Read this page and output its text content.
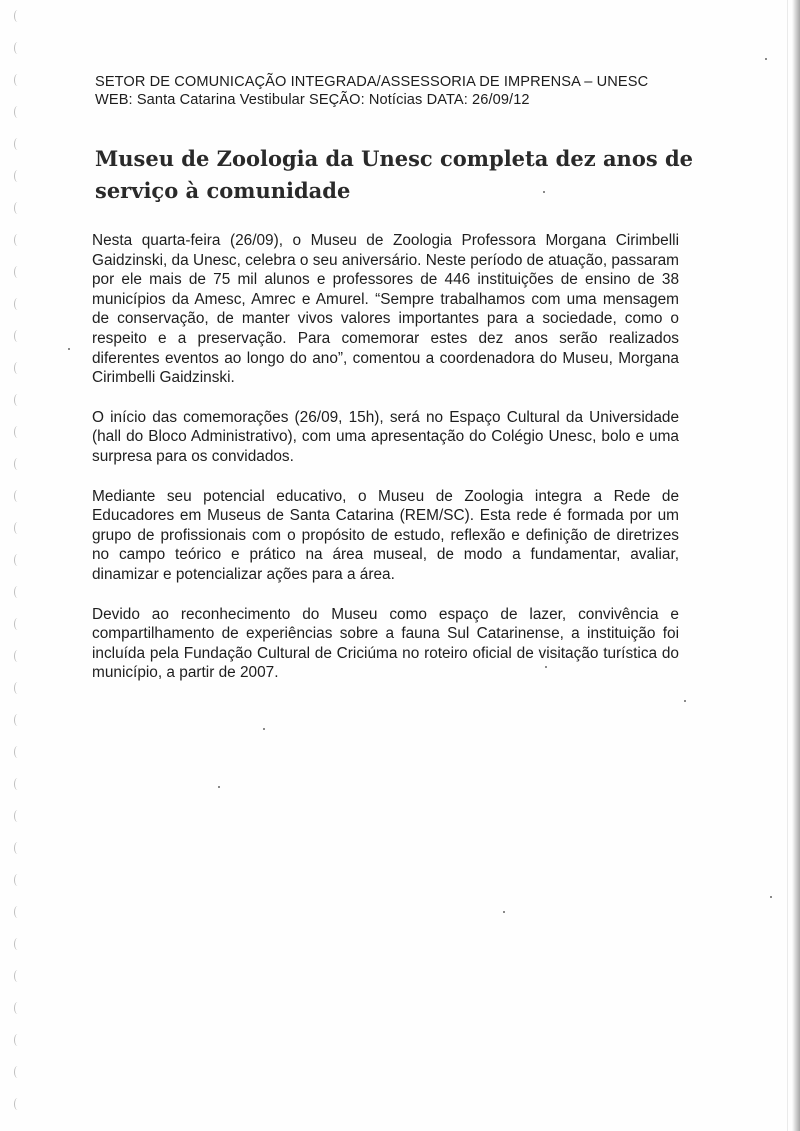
SETOR DE COMUNICAÇÃO INTEGRADA/ASSESSORIA DE IMPRENSA – UNESC
WEB: Santa Catarina Vestibular SEÇÃO: Notícias DATA: 26/09/12
Museu de Zoologia da Unesc completa dez anos de serviço à comunidade

Nesta quarta-feira (26/09), o Museu de Zoologia Professora Morgana Cirimbelli Gaidzinski, da Unesc, celebra o seu aniversário. Neste período de atuação, passaram por ele mais de 75 mil alunos e professores de 446 instituições de ensino de 38 municípios da Amesc, Amrec e Amurel. “Sempre trabalhamos com uma mensagem de conservação, de manter vivos valores importantes para a sociedade, como o respeito e a preservação. Para comemorar estes dez anos serão realizados diferentes eventos ao longo do ano”, comentou a coordenadora do Museu, Morgana Cirimbelli Gaidzinski.

O início das comemorações (26/09, 15h), será no Espaço Cultural da Universidade (hall do Bloco Administrativo), com uma apresentação do Colégio Unesc, bolo e uma surpresa para os convidados.

Mediante seu potencial educativo, o Museu de Zoologia integra a Rede de Educadores em Museus de Santa Catarina (REM/SC). Esta rede é formada por um grupo de profissionais com o propósito de estudo, reflexão e definição de diretrizes no campo teórico e prático na área museal, de modo a fundamentar, avaliar, dinamizar e potencializar ações para a área.

Devido ao reconhecimento do Museu como espaço de lazer, convivência e compartilhamento de experiências sobre a fauna Sul Catarinense, a instituição foi incluída pela Fundação Cultural de Criciúma no roteiro oficial de visitação turística do município, a partir de 2007.
